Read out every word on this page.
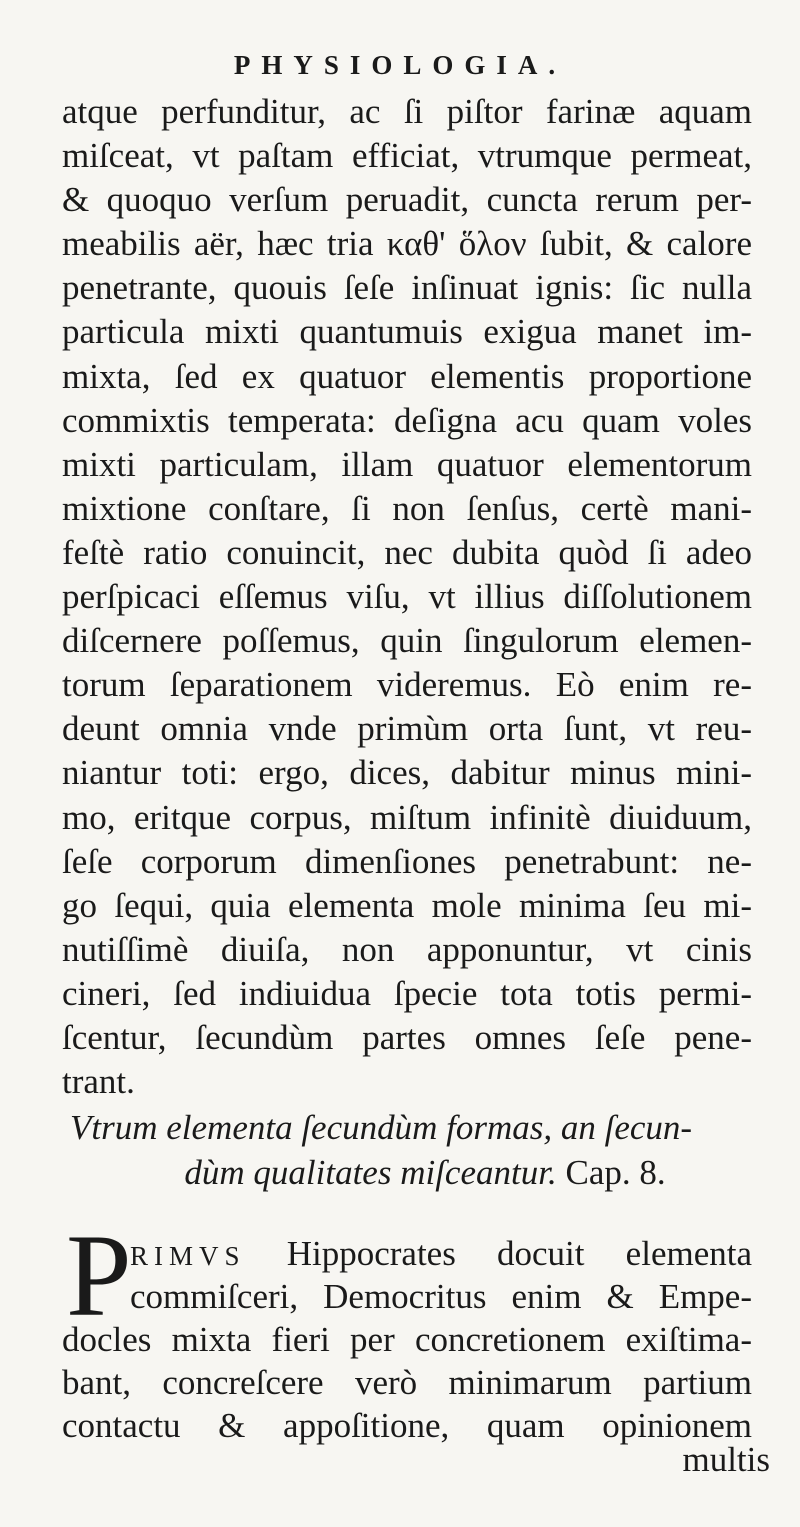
PHYSIOLOGIA.
atque perfunditur, ac ſi piſtor farinæ aquam
miſceat, vt paſtam efficiat, vtrumque permeat,
& quoquo verſum peruadit, cuncta rerum per-
meabilis aër, hæc tria καθ' ὅλον ſubit, & calore
penetrante, quouis ſeſe inſinuat ignis: ſic nulla
particula mixti quantumuis exigua manet im-
mixta, ſed ex quatuor elementis proportione
commixtis temperata: deſigna acu quam voles
mixti particulam, illam quatuor elementorum
mixtione conſtare, ſi non ſenſus, certè mani-
feſtè ratio conuincit, nec dubita quòd ſi adeo
perſpicaci eſſemus viſu, vt illius diſſolutionem
diſcernere poſſemus, quin ſingulorum elemen-
torum ſeparationem videremus. Eò enim re-
deunt omnia vnde primùm orta ſunt, vt reu-
niantur toti: ergo, dices, dabitur minus mini-
mo, eritque corpus, miſtum infinitè diuiduum,
ſeſe corporum dimenſiones penetrabunt: ne-
go ſequi, quia elementa mole minima ſeu mi-
nutiſſimè diuiſa, non apponuntur, vt cinis
cineri, ſed indiuidua ſpecie tota totis permi-
ſcentur, ſecundùm partes omnes ſeſe pene-
trant.
Vtrum elementa ſecundùm formas, an ſecun-
dùm qualitates miſceantur. Cap. 8.
P
RIMVS Hippocrates docuit elementa
commiſceri, Democritus enim & Empe-
docles mixta fieri per concretionem exiſtima-
bant, concreſcere verò minimarum partium
contactu & appoſitione, quam opinionem
multis
